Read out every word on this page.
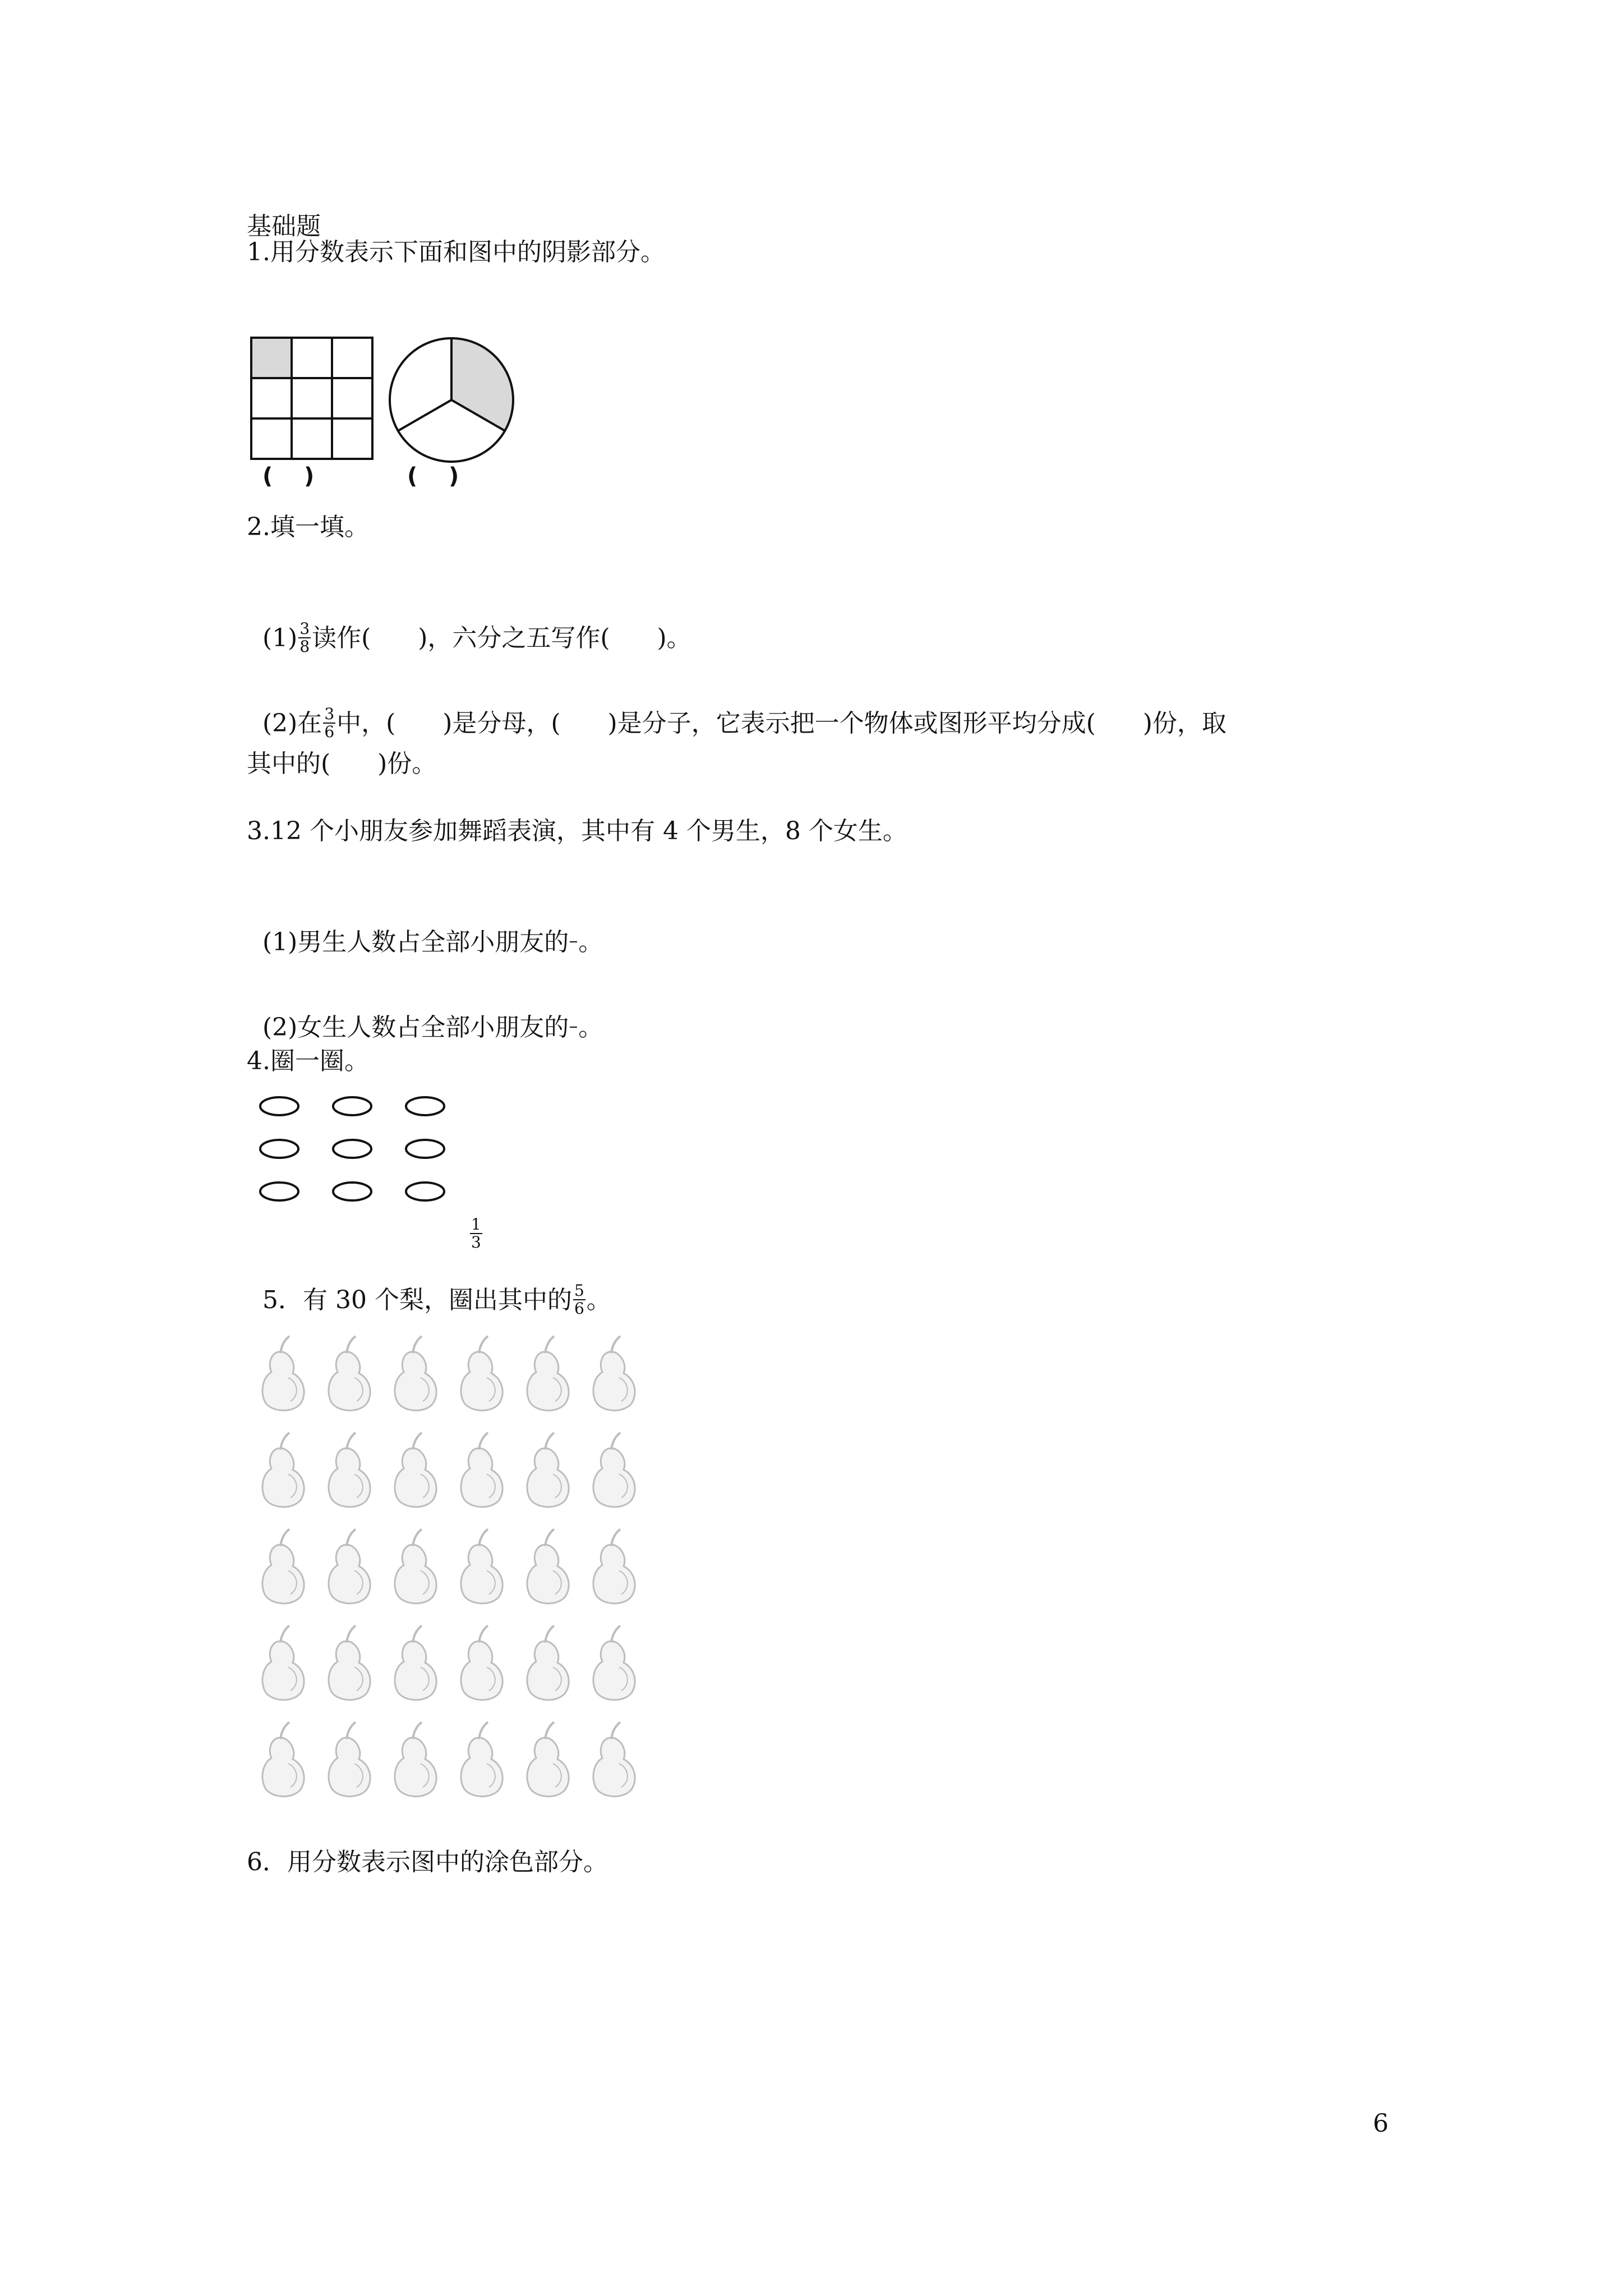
基础题
1.用分数表示下面和图中的阴影部分。
(    )	(    )
2.填一填。

$(1) \frac{3}{8}$ 读作(      )，六分之五写作(      )。

(2)在 $\frac{3}{6}$ 中，(      )是分母，(      )是分子，它表示把一个物体或图形平均分成(      )份，取

其中的(      )份。
3.12 个小朋友参加舞蹈表演，其中有 4 个男生，8 个女生。

(1)男生人数占全部小朋友的

。

(2)女生人数占全部小朋友的

。

4.圈一圈。

$\frac{1}{3}$

5．有 30 个梨，圈出其中的 $\frac{5}{6}$ 。

6．用分数表示图中的涂色部分。
6
